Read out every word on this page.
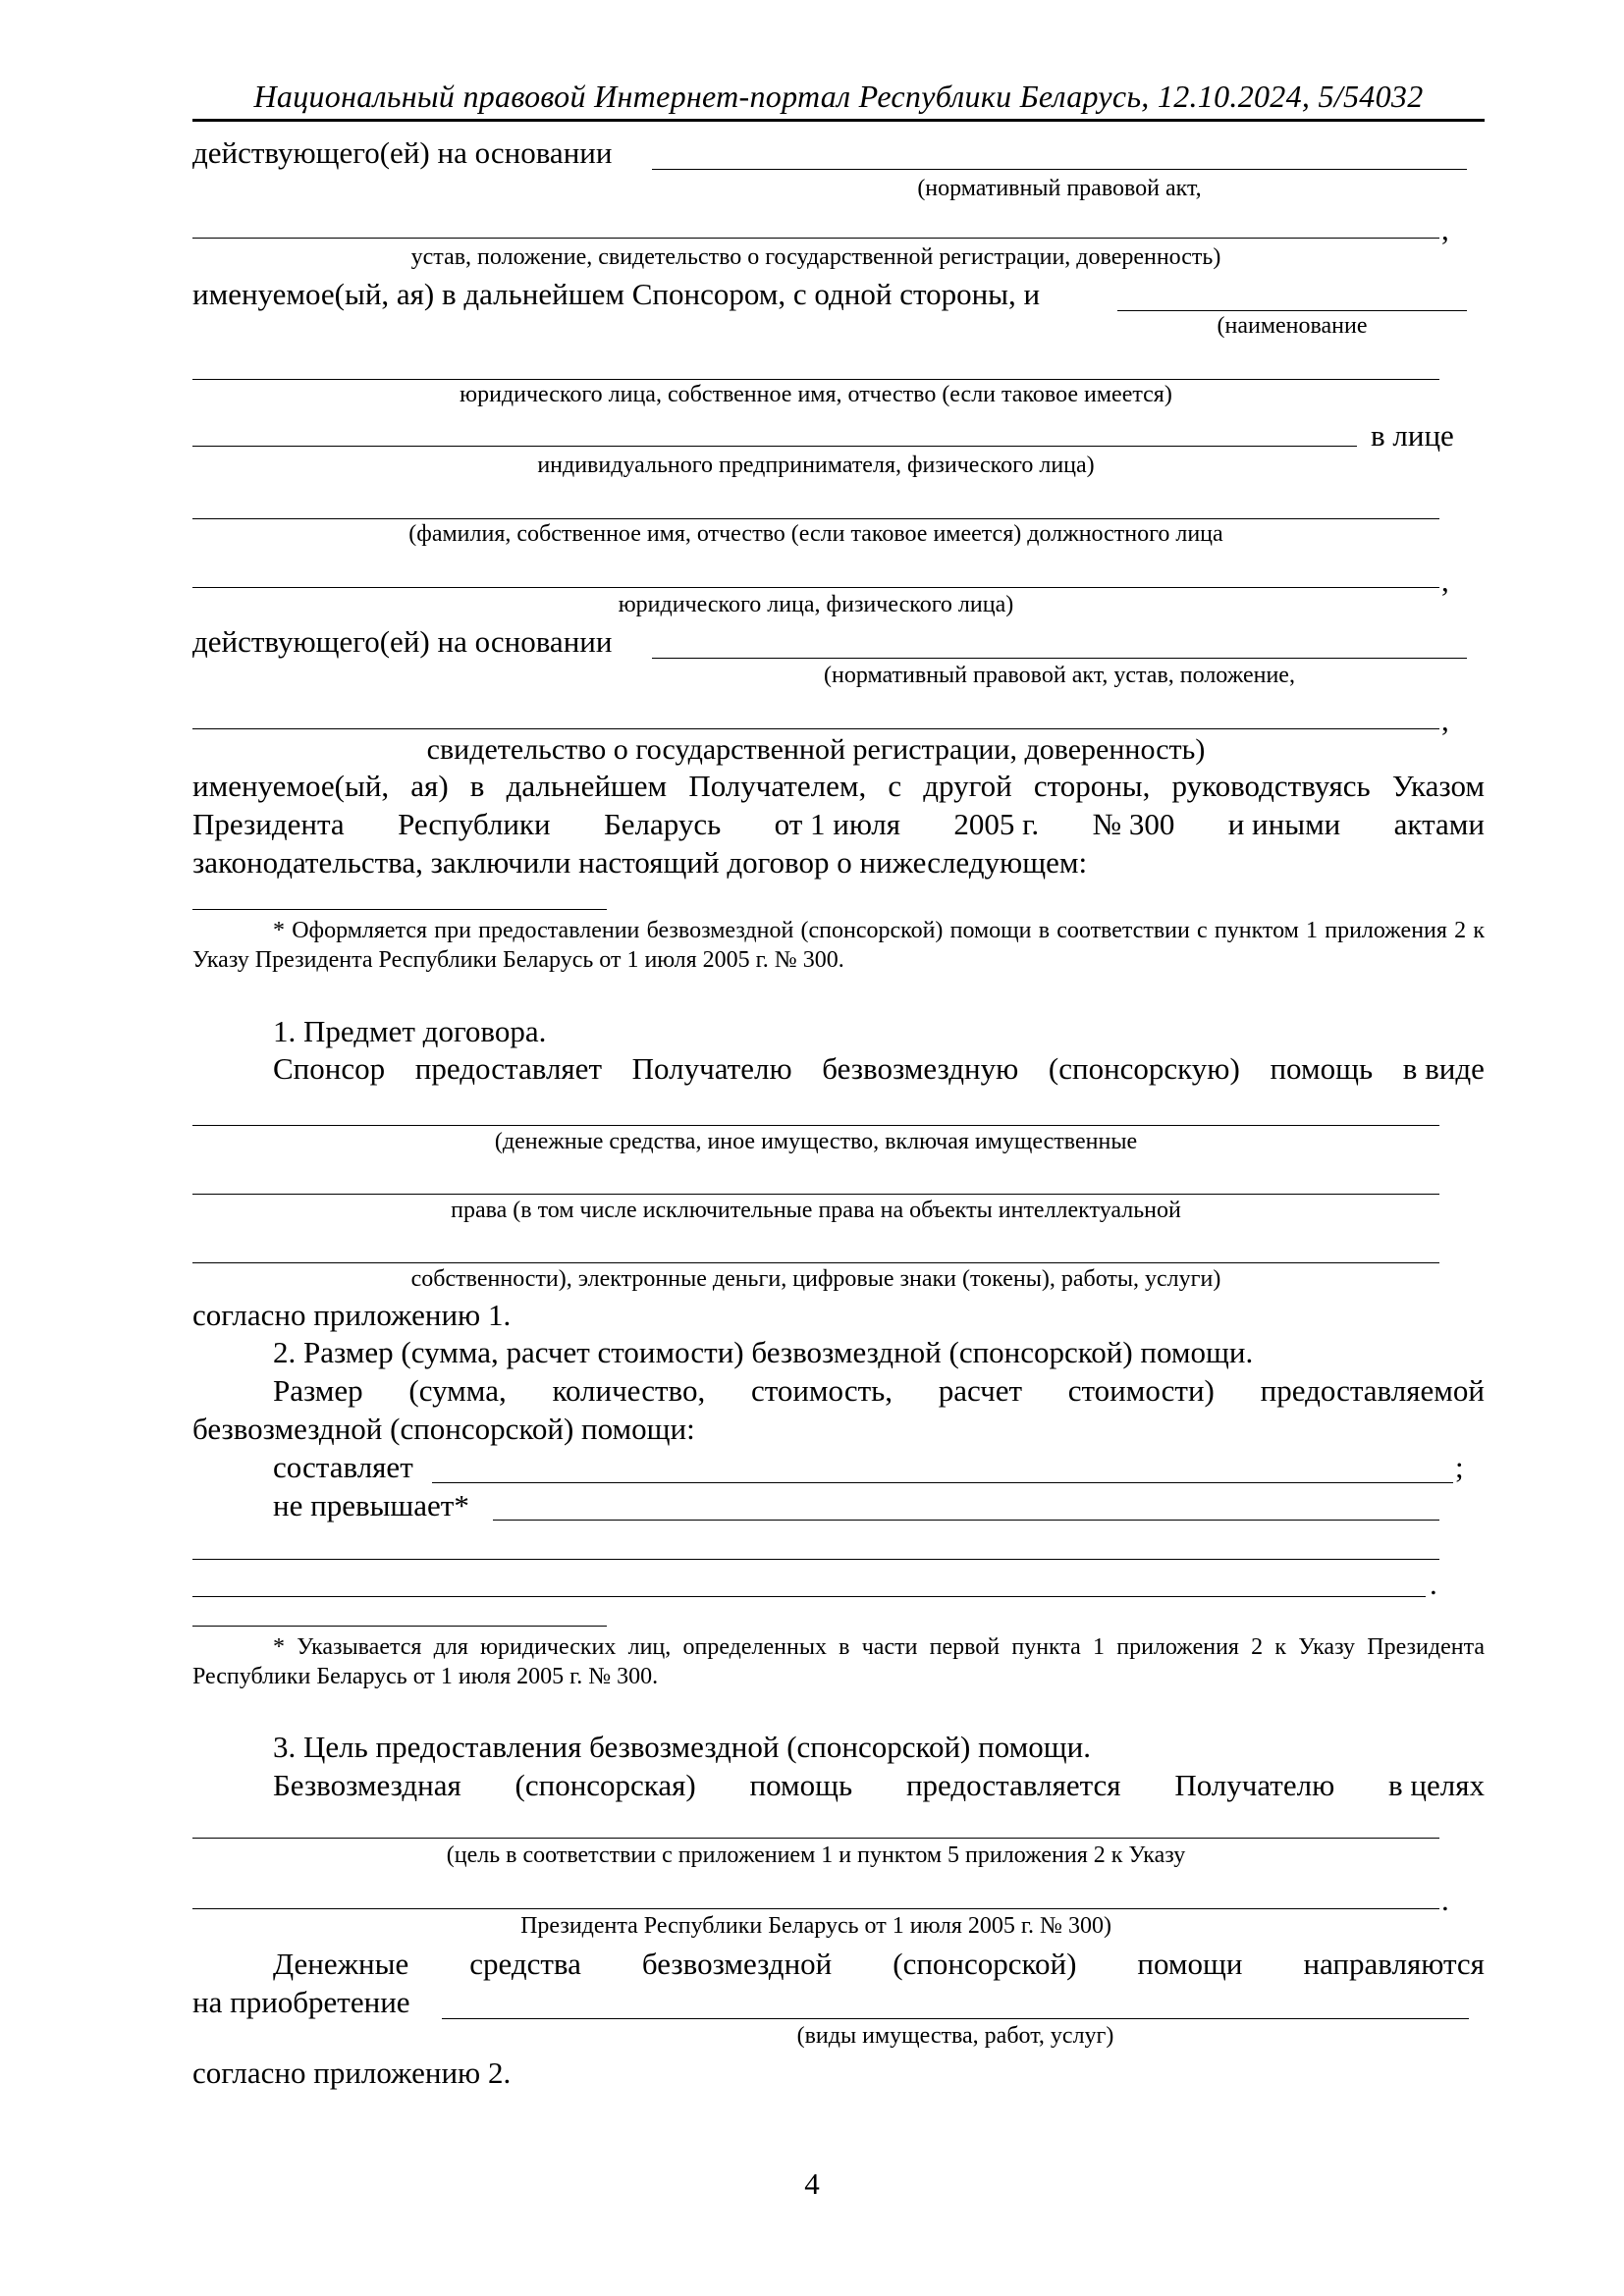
Национальный правовой Интернет-портал Республики Беларусь, 12.10.2024, 5/54032
действующего(ей) на основании
(нормативный правовой акт,
,
устав, положение, свидетельство о государственной регистрации, доверенность)
именуемое(ый, ая) в дальнейшем Спонсором, с одной стороны, и
(наименование
юридического лица, собственное имя, отчество (если таковое имеется)
в лице
индивидуального предпринимателя, физического лица)
(фамилия, собственное имя, отчество (если таковое имеется) должностного лица
,
юридического лица, физического лица)
действующего(ей) на основании
(нормативный правовой акт, устав, положение,
,
свидетельство о государственной регистрации, доверенность)
именуемое(ый, ая) в дальнейшем Получателем, с другой стороны, руководствуясь Указом
Президента Республики Беларусь от 1 июля 2005 г. № 300 и иными актами
законодательства, заключили настоящий договор о нижеследующем:
* Оформляется при предоставлении безвозмездной (спонсорской) помощи в соответствии с пунктом 1 приложения 2 к Указу Президента Республики Беларусь от 1 июля 2005 г. № 300.
1. Предмет договора.
Спонсор предоставляет Получателю безвозмездную (спонсорскую) помощь в виде
(денежные средства, иное имущество, включая имущественные
права (в том числе исключительные права на объекты интеллектуальной
собственности), электронные деньги, цифровые знаки (токены), работы, услуги)
согласно приложению 1.
2. Размер (сумма, расчет стоимости) безвозмездной (спонсорской) помощи.
Размер (сумма, количество, стоимость, расчет стоимости) предоставляемой
безвозмездной (спонсорской) помощи:
составляет	;
не превышает*
.
* Указывается для юридических лиц, определенных в части первой пункта 1 приложения 2 к Указу Президента Республики Беларусь от 1 июля 2005 г. № 300.
3. Цель предоставления безвозмездной (спонсорской) помощи.
Безвозмездная (спонсорская) помощь предоставляется Получателю в целях
(цель в соответствии с приложением 1 и пунктом 5 приложения 2 к Указу
.
Президента Республики Беларусь от 1 июля 2005 г. № 300)
Денежные средства безвозмездной (спонсорской) помощи направляются
на приобретение
(виды имущества, работ, услуг)
согласно приложению 2.
4
